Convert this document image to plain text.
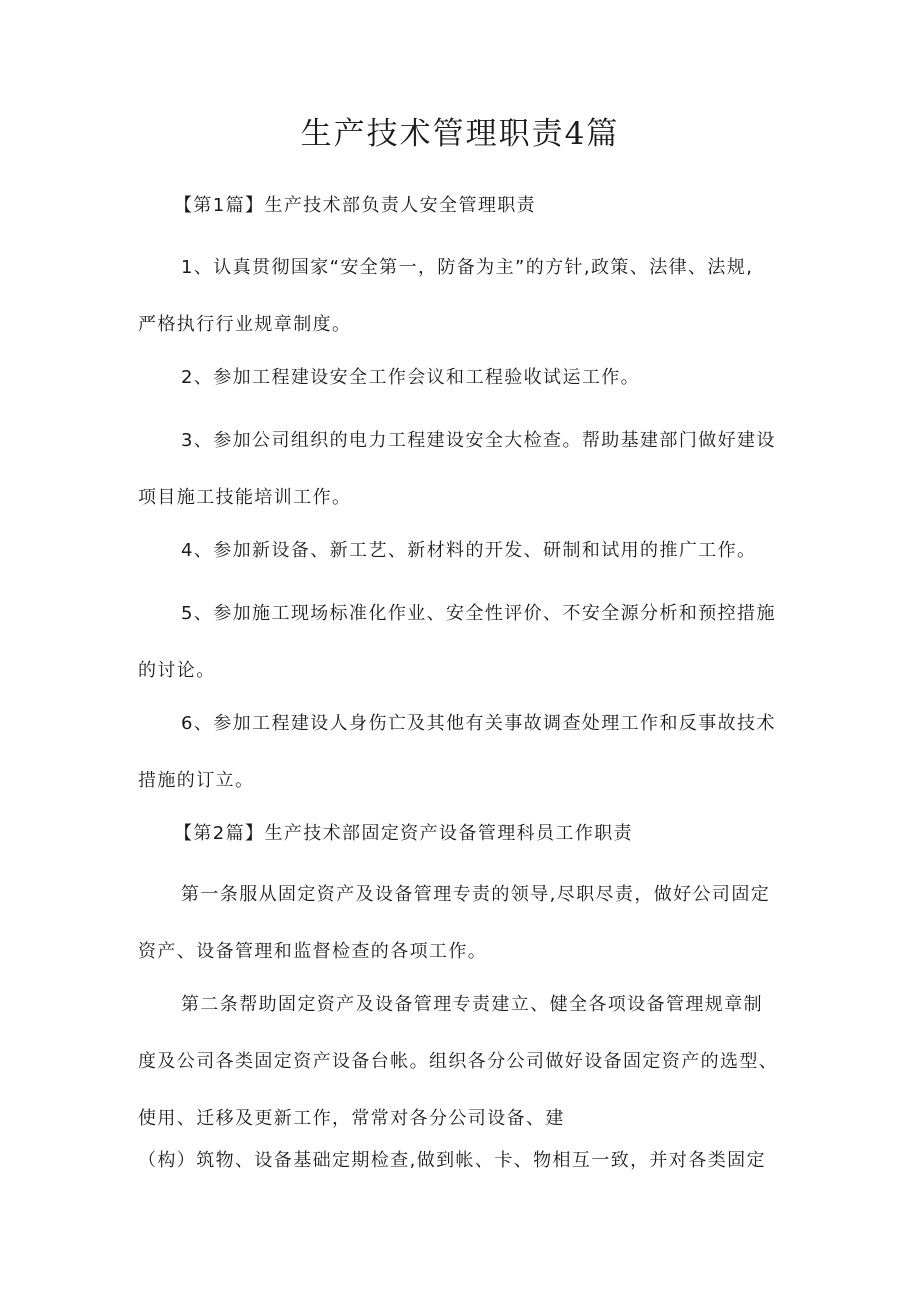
生产技术管理职责4篇

【第1篇】生产技术部负责人安全管理职责

1、认真贯彻国家“安全第一，防备为主”的方针,政策、法律、法规,
严格执行行业规章制度。

2、参加工程建设安全工作会议和工程验收试运工作。

3、参加公司组织的电力工程建设安全大检查。帮助基建部门做好建设
项目施工技能培训工作。

4、参加新设备、新工艺、新材料的开发、研制和试用的推广工作。

5、参加施工现场标准化作业、安全性评价、不安全源分析和预控措施
的讨论。

6、参加工程建设人身伤亡及其他有关事故调查处理工作和反事故技术
措施的订立。

【第2篇】生产技术部固定资产设备管理科员工作职责

第一条服从固定资产及设备管理专责的领导,尽职尽责，做好公司固定
资产、设备管理和监督检查的各项工作。

第二条帮助固定资产及设备管理专责建立、健全各项设备管理规章制
度及公司各类固定资产设备台帐。组织各分公司做好设备固定资产的选型、
使用、迁移及更新工作，常常对各分公司设备、建

（构）筑物、设备基础定期检查,做到帐、卡、物相互一致，并对各类固定
